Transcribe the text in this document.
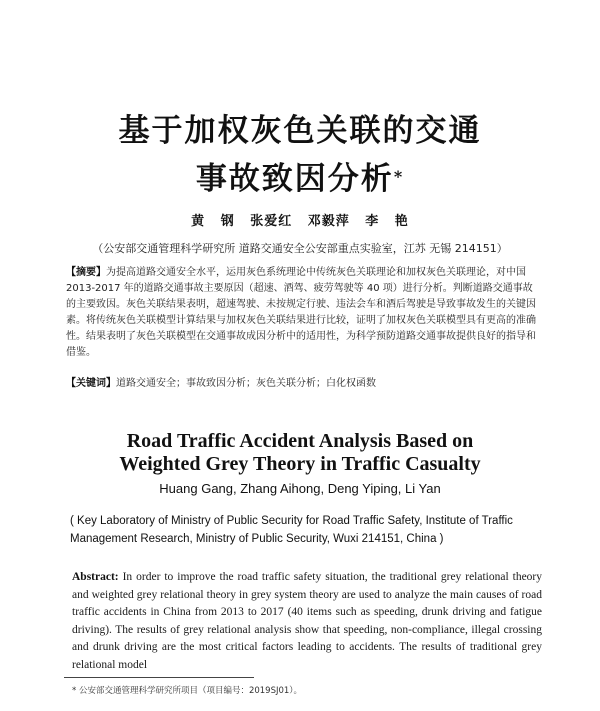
基于加权灰色关联的交通
事故致因分析*
黄 钢 张爱红 邓毅萍 李 艳
（公安部交通管理科学研究所 道路交通安全公安部重点实验室，江苏 无锡 214151）

【摘要】为提高道路交通安全水平，运用灰色系统理论中传统灰色关联理论和加权灰色关联理论，对中国 2013-2017 年的道路交通事故主要原因（超速、酒驾、疲劳驾驶等 40 项）进行分析。判断道路交通事故的主要致因。灰色关联结果表明，超速驾驶、未按规定行驶、违法会车和酒后驾驶是导致事故发生的关键因素。将传统灰色关联模型计算结果与加权灰色关联结果进行比较，证明了加权灰色关联模型具有更高的准确性。结果表明了灰色关联模型在交通事故成因分析中的适用性，为科学预防道路交通事故提供良好的指导和借鉴。

【关键词】道路交通安全；事故致因分析；灰色关联分析；白化权函数
Road Traffic Accident Analysis Based on
Weighted Grey Theory in Traffic Casualty
Huang Gang, Zhang Aihong, Deng Yiping, Li Yan

( Key Laboratory of Ministry of Public Security for Road Traffic Safety, Institute of Traffic Management Research, Ministry of Public Security, Wuxi 214151, China )

Abstract: In order to improve the road traffic safety situation, the traditional grey relational theory and weighted grey relational theory in grey system theory are used to analyze the main causes of road traffic accidents in China from 2013 to 2017 (40 items such as speeding, drunk driving and fatigue driving). The results of grey relational analysis show that speeding, non-compliance, illegal crossing and drunk driving are the most critical factors leading to accidents. The results of traditional grey relational model

* 公安部交通管理科学研究所项目（项目编号：2019SJ01）。
